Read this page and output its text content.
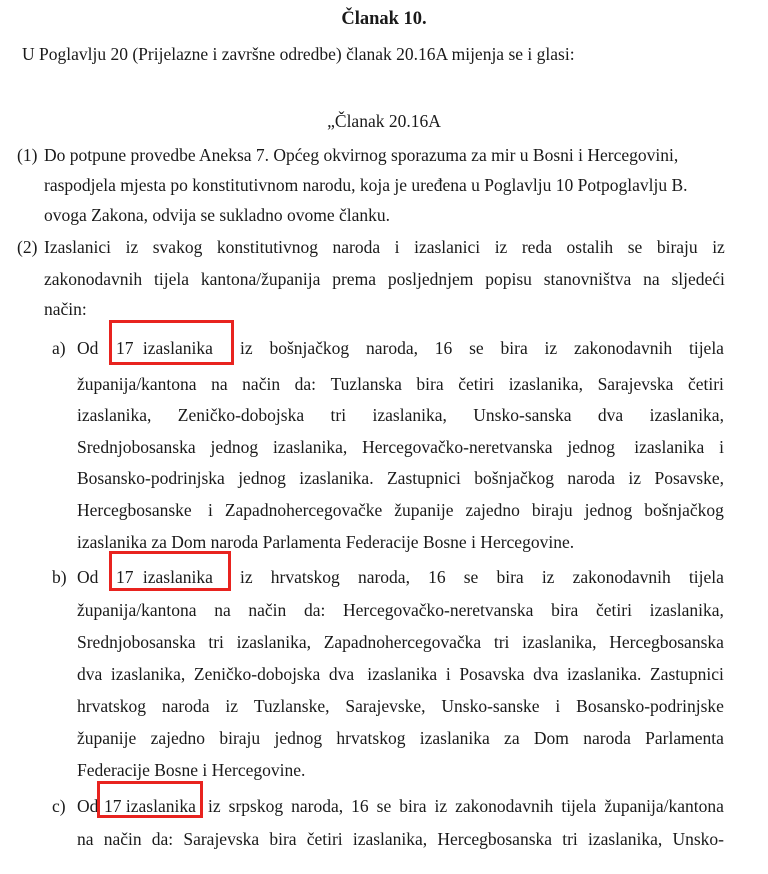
Članak 10.
U Poglavlju 20 (Prijelazne i završne odredbe) članak 20.16A mijenja se i glasi:
„Članak 20.16A
(1) Do potpune provedbe Aneksa 7. Općeg okvirnog sporazuma za mir u Bosni i Hercegovini,
raspodjela mjesta po konstitutivnom narodu, koja je uređena u Poglavlju 10 Potpoglavlju B.
ovoga Zakona, odvija se sukladno ovome članku.
(2) Izaslanici iz svakog konstitutivnog naroda i izaslanici iz reda ostalih se biraju iz
zakonodavnih tijela kantona/županija prema posljednjem popisu stanovništva na sljedeći
način:
a) Od 17 izaslanika iz bošnjačkog naroda, 16 se bira iz zakonodavnih tijela
županija/kantona na način da: Tuzlanska bira četiri izaslanika, Sarajevska četiri
izaslanika, Zeničko-dobojska tri izaslanika, Unsko-sanska dva izaslanika,
Srednjobosanska jednog izaslanika, Hercegovačko-neretvanska jednog izaslanika i
Bosansko-podrinjska jednog izaslanika. Zastupnici bošnjačkog naroda iz Posavske,
Hercegbosanske i Zapadnohercegovačke županije zajedno biraju jednog bošnjačkog
izaslanika za Dom naroda Parlamenta Federacije Bosne i Hercegovine.
b) Od 17 izaslanika iz hrvatskog naroda, 16 se bira iz zakonodavnih tijela
županija/kantona na način da: Hercegovačko-neretvanska bira četiri izaslanika,
Srednjobosanska tri izaslanika, Zapadnohercegovačka tri izaslanika, Hercegbosanska
dva izaslanika, Zeničko-dobojska dva izaslanika i Posavska dva izaslanika. Zastupnici
hrvatskog naroda iz Tuzlanske, Sarajevske, Unsko-sanske i Bosansko-podrinjske
županije zajedno biraju jednog hrvatskog izaslanika za Dom naroda Parlamenta
Federacije Bosne i Hercegovine.
c) Od 17 izaslanika iz srpskog naroda, 16 se bira iz zakonodavnih tijela županija/kantona
na način da: Sarajevska bira četiri izaslanika, Hercegbosanska tri izaslanika, Unsko-
